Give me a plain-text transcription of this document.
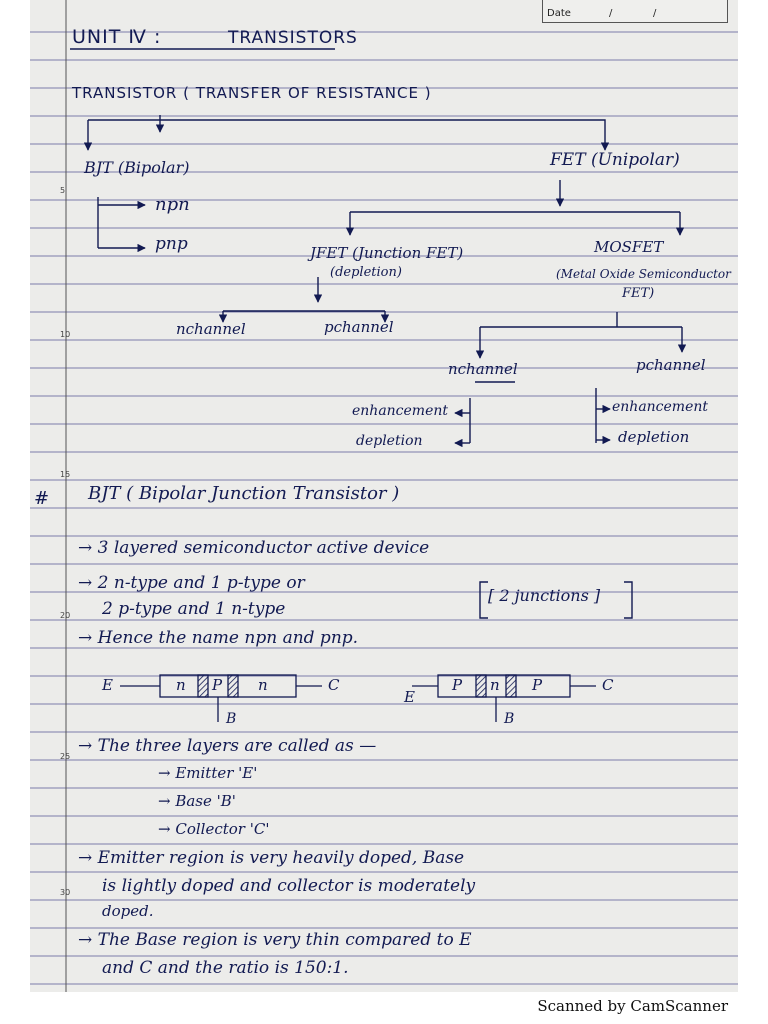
Date	/	/
5
10
15
20
25
30
UNIT Ⅳ :	TRANSISTORS
TRANSISTOR ( TRANSFER OF RESISTANCE )
BJT (Bipolar)
npn
pnp
FET (Unipolar)
JFET (Junction FET)
(depletion)
MOSFET
(Metal Oxide Semiconductor
FET)
nchannel	pchannel
nchannel	pchannel
enhancement
depletion
enhancement
depletion
# BJT ( Bipolar Junction Transistor )
→ 3 layered semiconductor active device
→ 2 n-type and 1 p-type or
2 p-type and 1 n-type
[ 2 junctions ]
→ Hence the name npn and pnp.
E	n P n	C
B
E
P n P	C
B
→ The three layers are called as —
→ Emitter 'E'
→ Base 'B'
→ Collector 'C'
→ Emitter region is very heavily doped, Base
is lightly doped and collector is moderately
doped.
→ The Base region is very thin compared to E
and C and the ratio is 150:1.
Scanned by CamScanner
